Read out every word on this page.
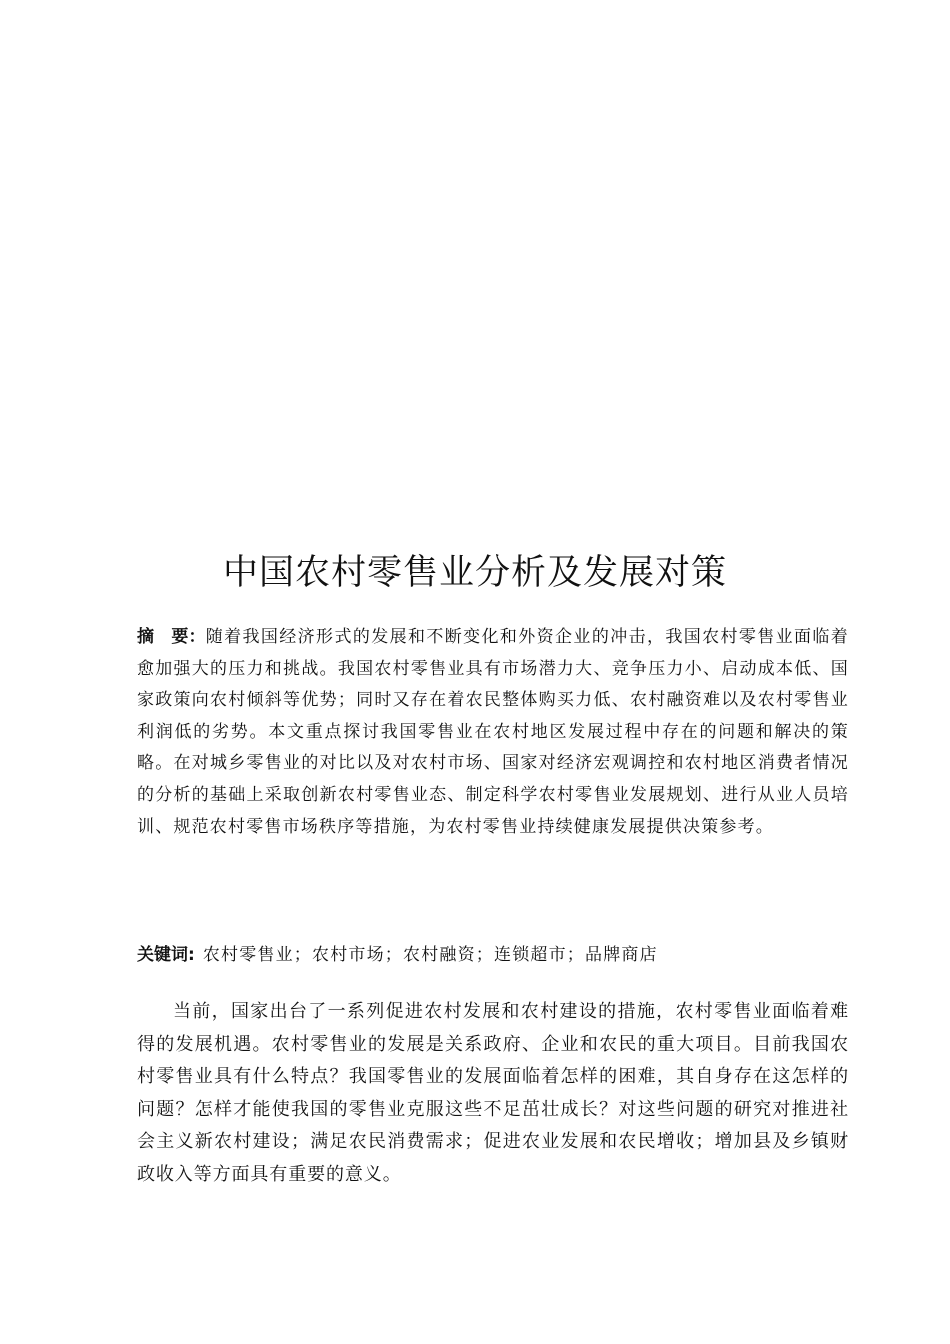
中国农村零售业分析及发展对策
摘　要：随着我国经济形式的发展和不断变化和外资企业的冲击，我国农村零售业面临着愈加强大的压力和挑战。我国农村零售业具有市场潜力大、竞争压力小、启动成本低、国家政策向农村倾斜等优势；同时又存在着农民整体购买力低、农村融资难以及农村零售业利润低的劣势。本文重点探讨我国零售业在农村地区发展过程中存在的问题和解决的策略。在对城乡零售业的对比以及对农村市场、国家对经济宏观调控和农村地区消费者情况的分析的基础上采取创新农村零售业态、制定科学农村零售业发展规划、进行从业人员培训、规范农村零售市场秩序等措施，为农村零售业持续健康发展提供决策参考。
关键词: 农村零售业；农村市场；农村融资；连锁超市；品牌商店
当前，国家出台了一系列促进农村发展和农村建设的措施，农村零售业面临着难得的发展机遇。农村零售业的发展是关系政府、企业和农民的重大项目。目前我国农村零售业具有什么特点？我国零售业的发展面临着怎样的困难，其自身存在这怎样的问题？怎样才能使我国的零售业克服这些不足茁壮成长？对这些问题的研究对推进社会主义新农村建设；满足农民消费需求；促进农业发展和农民增收；增加县及乡镇财政收入等方面具有重要的意义。
